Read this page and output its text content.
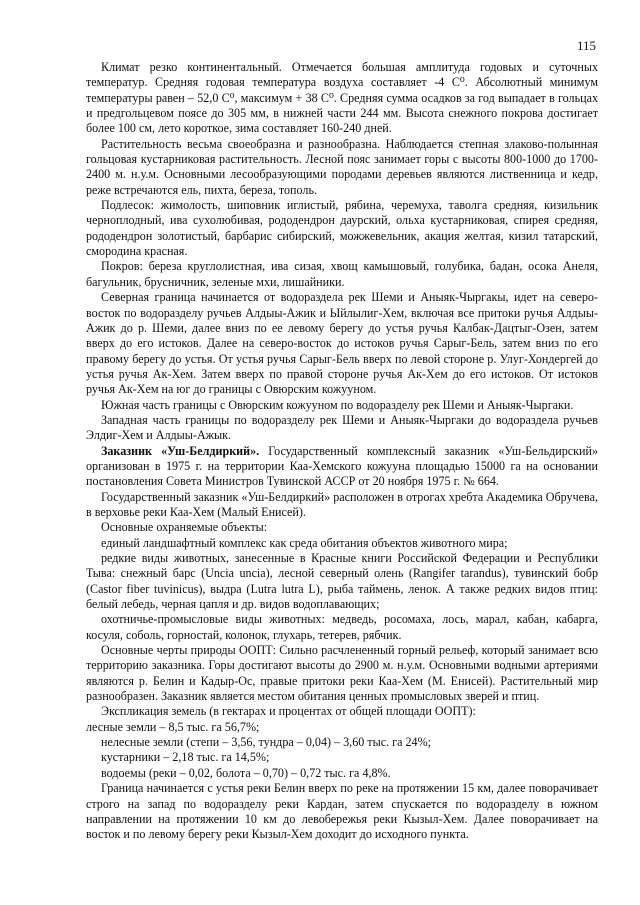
115

Климат резко континентальный. Отмечается большая амплитуда годовых и суточных температур. Средняя годовая температура воздуха составляет -4 С⁰. Абсолютный минимум температуры равен – 52,0 С⁰, максимум + 38 С⁰. Средняя сумма осадков за год выпадает в гольцах и предгольцевом поясе до 305 мм, в нижней части 244 мм. Высота снежного покрова достигает более 100 см, лето короткое, зима составляет 160-240 дней.

Растительность весьма своеобразна и разнообразна. Наблюдается степная злаково-полынная гольцовая кустарниковая растительность. Лесной пояс занимает горы с высоты 800-1000 до 1700-2400 м. н.у.м. Основными лесообразующими породами деревьев являются лиственница и кедр, реже встречаются ель, пихта, береза, тополь.

Подлесок: жимолость, шиповник иглистый, рябина, черемуха, таволга средняя, кизильник черноплодный, ива сухолюбивая, рододендрон даурский, ольха кустарниковая, спирея средняя, рододендрон золотистый, барбарис сибирский, можжевельник, акация желтая, кизил татарский, смородина красная.

Покров: береза круглолистная, ива сизая, хвощ камышовый, голубика, бадан, осока Анеля, багульник, брусничник, зеленые мхи, лишайники.

Северная граница начинается от водораздела рек Шеми и Аныяк-Чыргакы, идет на северо-восток по водоразделу ручьев Алдыы-Ажик и Ыйлылиг-Хем, включая все притоки ручья Алдыы-Ажик до р. Шеми, далее вниз по ее левому берегу до устья ручья Калбак-Дацтыг-Озен, затем вверх до его истоков. Далее на северо-восток до истоков ручья Сарыг-Бель, затем вниз по его правому берегу до устья. От устья ручья Сарыг-Бель вверх по левой стороне р. Улуг-Хондергей до устья ручья Ак-Хем. Затем вверх по правой стороне ручья Ак-Хем до его истоков. От истоков ручья Ак-Хем на юг до границы с Овюрским кожууном.

Южная часть границы с Овюрским кожууном по водоразделу рек Шеми и Аныяк-Чыргаки.

Западная часть границы по водоразделу рек Шеми и Аныяк-Чыргаки до водораздела ручьев Элдиг-Хем и Алдыы-Ажык.

Заказник «Уш-Белдиркий». Государственный комплексный заказник «Уш-Бельдирский» организован в 1975 г. на территории Каа-Хемского кожууна площадью 15000 га на основании постановления Совета Министров Тувинской АССР от 20 ноября 1975 г. № 664.

Государственный заказник «Уш-Белдиркий» расположен в отрогах хребта Академика Обручева, в верховье реки Каа-Хем (Малый Енисей).

Основные охраняемые объекты:

единый ландшафтный комплекс как среда обитания объектов животного мира;

редкие виды животных, занесенные в Красные книги Российской Федерации и Республики Тыва: снежный барс (Uncia uncia), лесной северный олень (Rangifer tarandus), тувинский бобр (Castor fiber tuvinicus), выдра (Lutra lutra L), рыба таймень, ленок. А также редких видов птиц: белый лебедь, черная цапля и др. видов водоплавающих;

охотничье-промысловые виды животных: медведь, росомаха, лось, марал, кабан, кабарга, косуля, соболь, горностай, колонок, глухарь, тетерев, рябчик.

Основные черты природы ООПТ: Сильно расчлененный горный рельеф, который занимает всю территорию заказника. Горы достигают высоты до 2900 м. н.у.м. Основными водными артериями являются р. Белин и Кадыр-Ос, правые притоки реки Каа-Хем (М. Енисей). Растительный мир разнообразен. Заказник является местом обитания ценных промысловых зверей и птиц.

Экспликация земель (в гектарах и процентах от общей площади ООПТ):

лесные земли – 8,5 тыс. га 56,7%;

нелесные земли (степи – 3,56, тундра – 0,04) – 3,60 тыс. га 24%;

кустарники – 2,18 тыс. га 14,5%;

водоемы (реки – 0,02, болота – 0,70) – 0,72 тыс. га 4,8%.

Граница начинается с устья реки Белин вверх по реке на протяжении 15 км, далее поворачивает строго на запад по водоразделу реки Кардан, затем спускается по водоразделу в южном направлении на протяжении 10 км до левобережья реки Кызыл-Хем. Далее поворачивает на восток и по левому берегу реки Кызыл-Хем доходит до исходного пункта.
